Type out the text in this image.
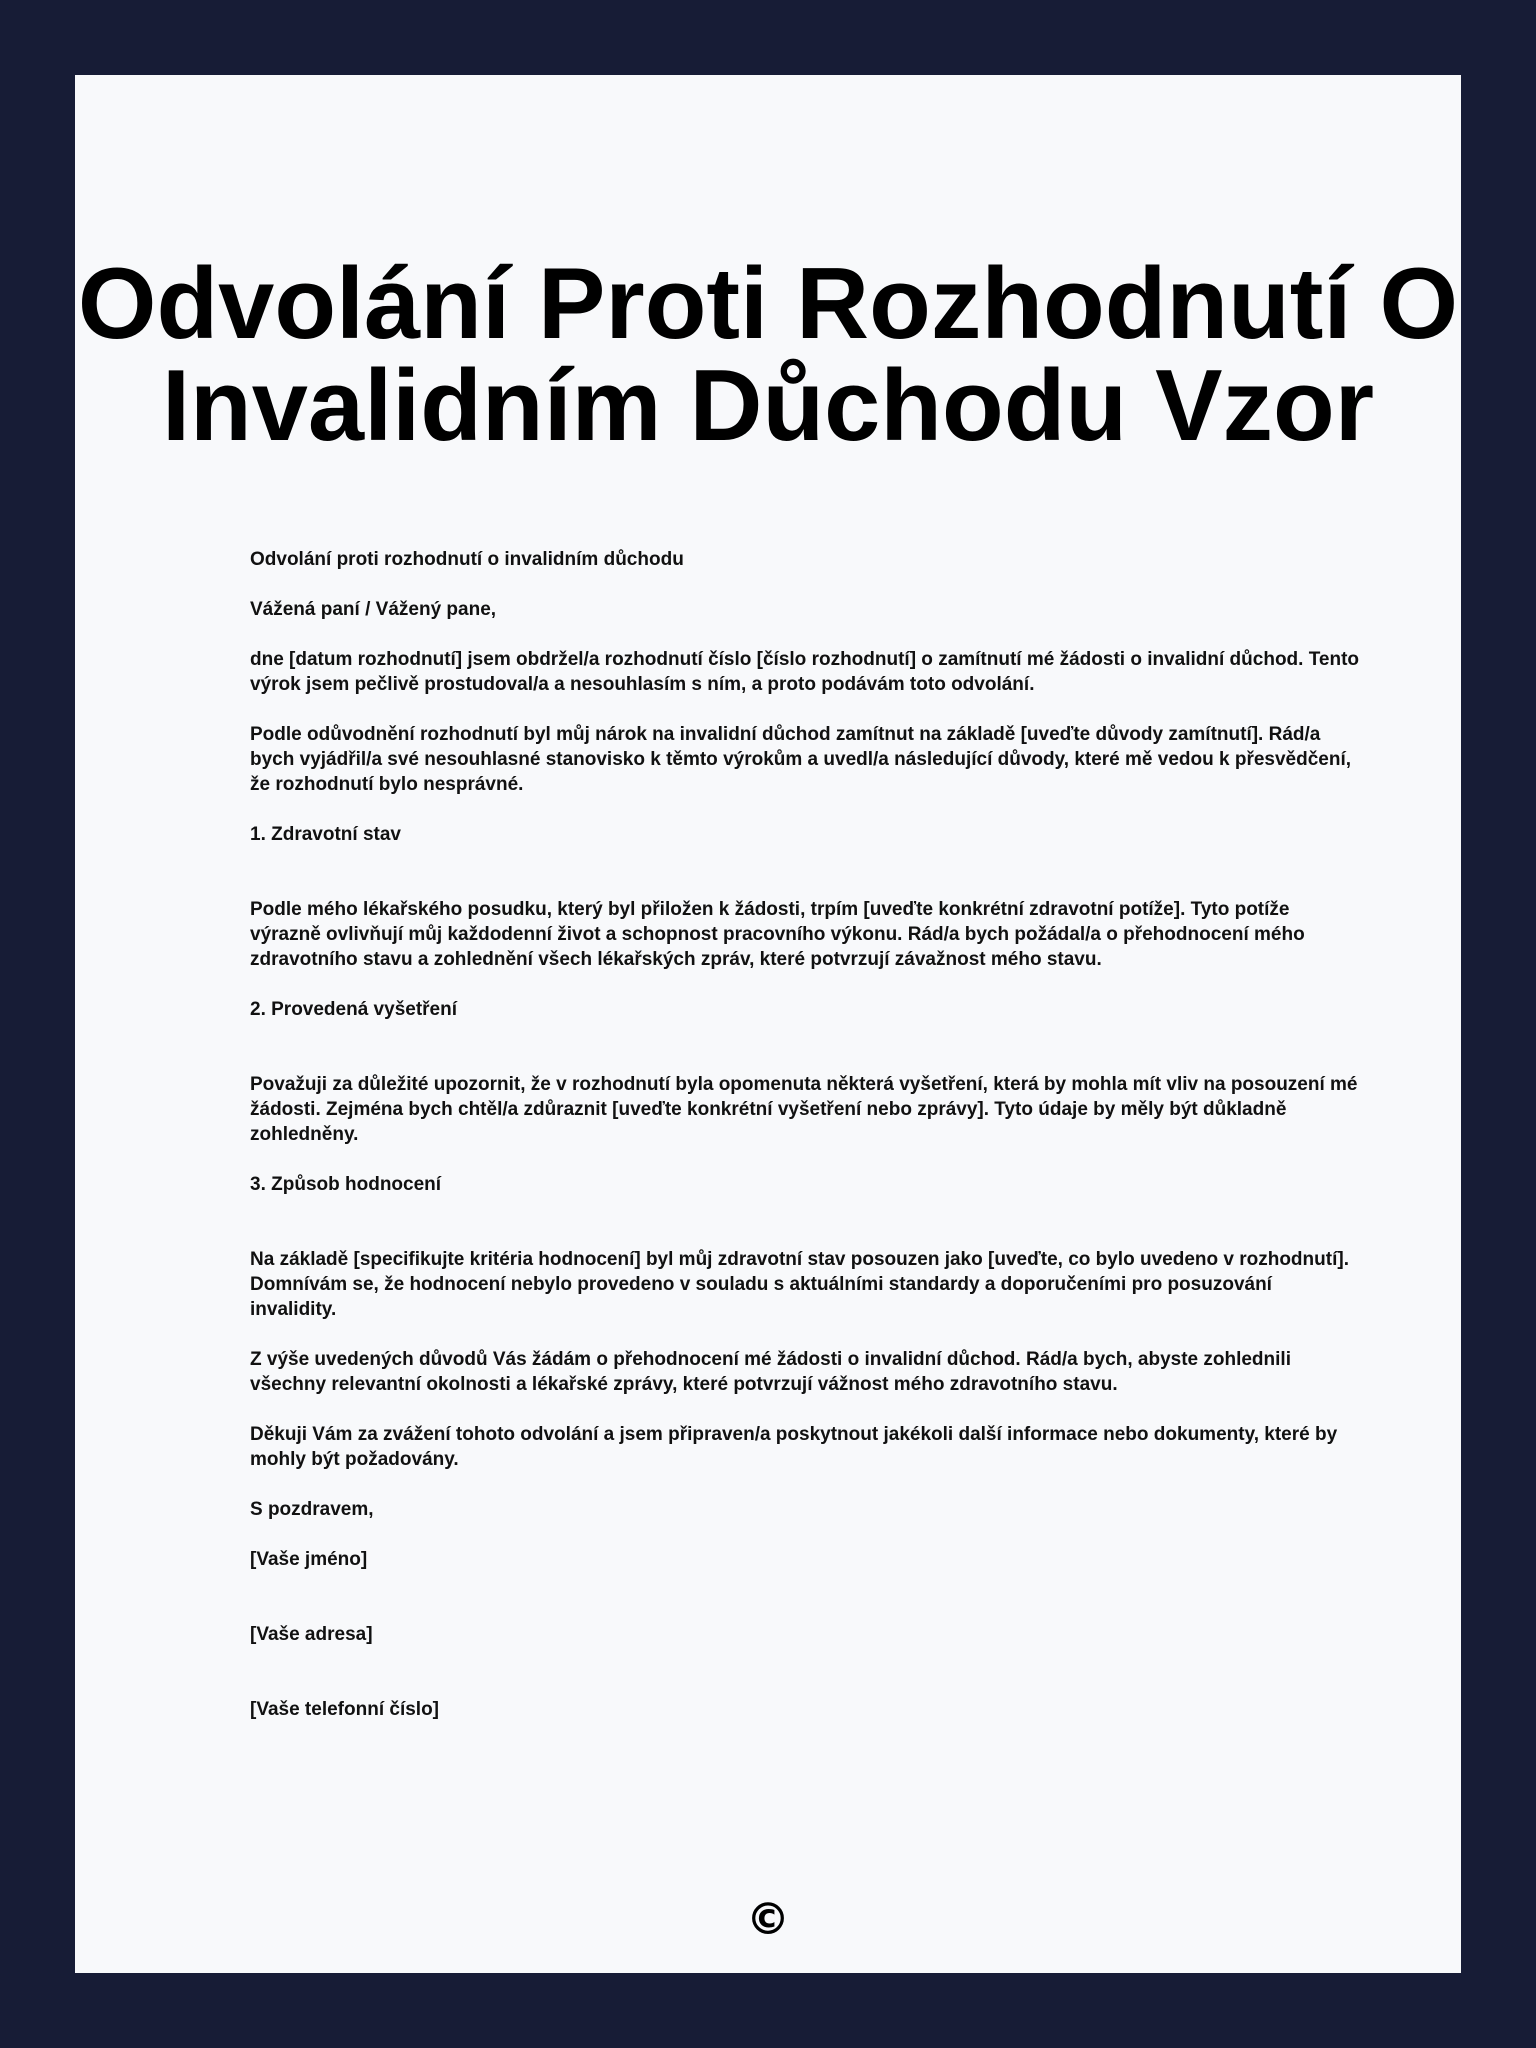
Odvolání Proti Rozhodnutí O Invalidním Důchodu Vzor

Odvolání proti rozhodnutí o invalidním důchodu

Vážená paní / Vážený pane,

dne [datum rozhodnutí] jsem obdržel/a rozhodnutí číslo [číslo rozhodnutí] o zamítnutí mé žádosti o invalidní důchod. Tento výrok jsem pečlivě prostudoval/a a nesouhlasím s ním, a proto podávám toto odvolání.

Podle odůvodnění rozhodnutí byl můj nárok na invalidní důchod zamítnut na základě [uveďte důvody zamítnutí]. Rád/a bych vyjádřil/a své nesouhlasné stanovisko k těmto výrokům a uvedl/a následující důvody, které mě vedou k přesvědčení, že rozhodnutí bylo nesprávné.

1. Zdravotní stav

Podle mého lékařského posudku, který byl přiložen k žádosti, trpím [uveďte konkrétní zdravotní potíže]. Tyto potíže výrazně ovlivňují můj každodenní život a schopnost pracovního výkonu. Rád/a bych požádal/a o přehodnocení mého zdravotního stavu a zohlednění všech lékařských zpráv, které potvrzují závažnost mého stavu.

2. Provedená vyšetření

Považuji za důležité upozornit, že v rozhodnutí byla opomenuta některá vyšetření, která by mohla mít vliv na posouzení mé žádosti. Zejména bych chtěl/a zdůraznit [uveďte konkrétní vyšetření nebo zprávy]. Tyto údaje by měly být důkladně zohledněny.

3. Způsob hodnocení

Na základě [specifikujte kritéria hodnocení] byl můj zdravotní stav posouzen jako [uveďte, co bylo uvedeno v rozhodnutí]. Domnívám se, že hodnocení nebylo provedeno v souladu s aktuálními standardy a doporučeními pro posuzování invalidity.

Z výše uvedených důvodů Vás žádám o přehodnocení mé žádosti o invalidní důchod. Rád/a bych, abyste zohlednili všechny relevantní okolnosti a lékařské zprávy, které potvrzují vážnost mého zdravotního stavu.

Děkuji Vám za zvážení tohoto odvolání a jsem připraven/a poskytnout jakékoli další informace nebo dokumenty, které by mohly být požadovány.

S pozdravem,

[Vaše jméno]

[Vaše adresa]

[Vaše telefonní číslo]

©
